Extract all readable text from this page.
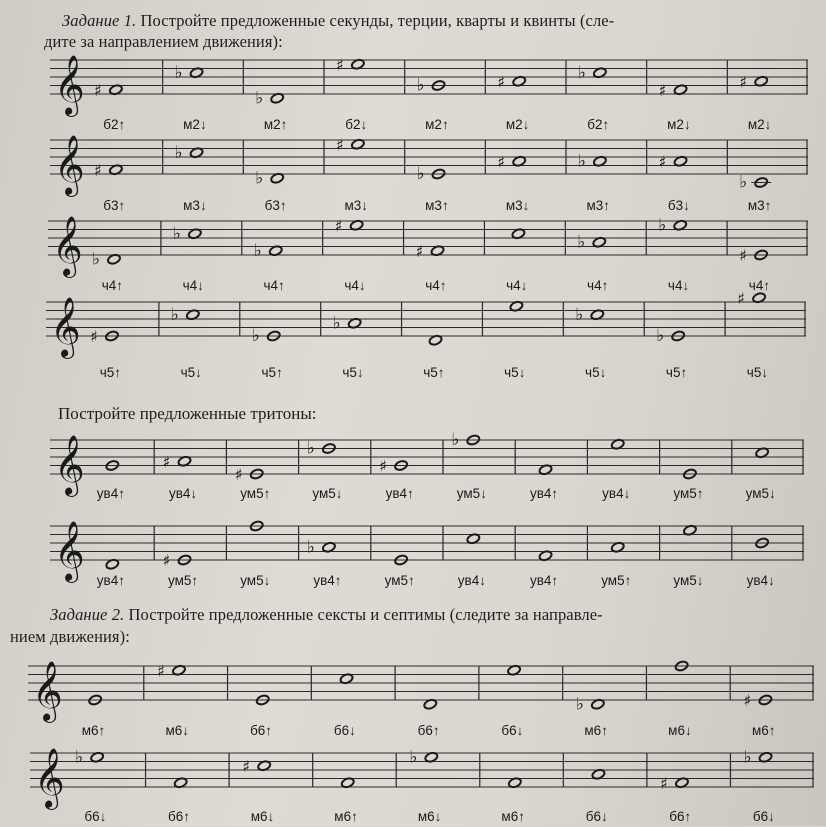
Задание 1. Постройте предложенные секунды, терции, кварты и квинты (сле-
дите за направлением движения):
Постройте предложенные тритоны:
Задание 2. Постройте предложенные сексты и септимы (следите за направле-
нием движения):
𝄞 ♯
♭
♭
♯
♭	♯	♭
♯	♯
б2↑	м2↓	м2↑	б2↓	м2↑	м2↓	б2↑	м2↓	м2↓
𝄞 ♯
♭
♭
♯
♭
♯	♭	♯
♭
б3↑	м3↓	б3↑	м3↓	м3↑	м3↓	м3↑	б3↓	м3↑
𝄞 ♭
♭
♭
♯
♯	♭
♭
♯
ч4↑	ч4↓	ч4↑	ч4↓	ч4↑	ч4↓	ч4↑	ч4↓	ч4↑
𝄞 ♯
♭
♭
♭	♭
♭
♯
ч5↑	ч5↓	ч5↑	ч5↓	ч5↑	ч5↓	ч5↓	ч5↑	ч5↓
𝄞	♯
♯
♭
♯
♭
ув4↑	ув4↓	ум5↑	ум5↓	ув4↑	ум5↓	ув4↑	ув4↓	ум5↑	ум5↓
𝄞	♯
♭
ув4↑	ум5↑	ум5↓	ув4↑	ум5↑	ув4↓	ув4↑	ум5↑	ум5↓	ув4↓
𝄞	♯
♭	♯
м6↑	м6↓	б6↑	б6↓	б6↑	б6↓	м6↑	м6↓	м6↑
𝄞 ♭	♯	♭
♯
♭
б6↓	б6↑	м6↓	м6↑	м6↓	м6↑	б6↓	б6↑	б6↓
